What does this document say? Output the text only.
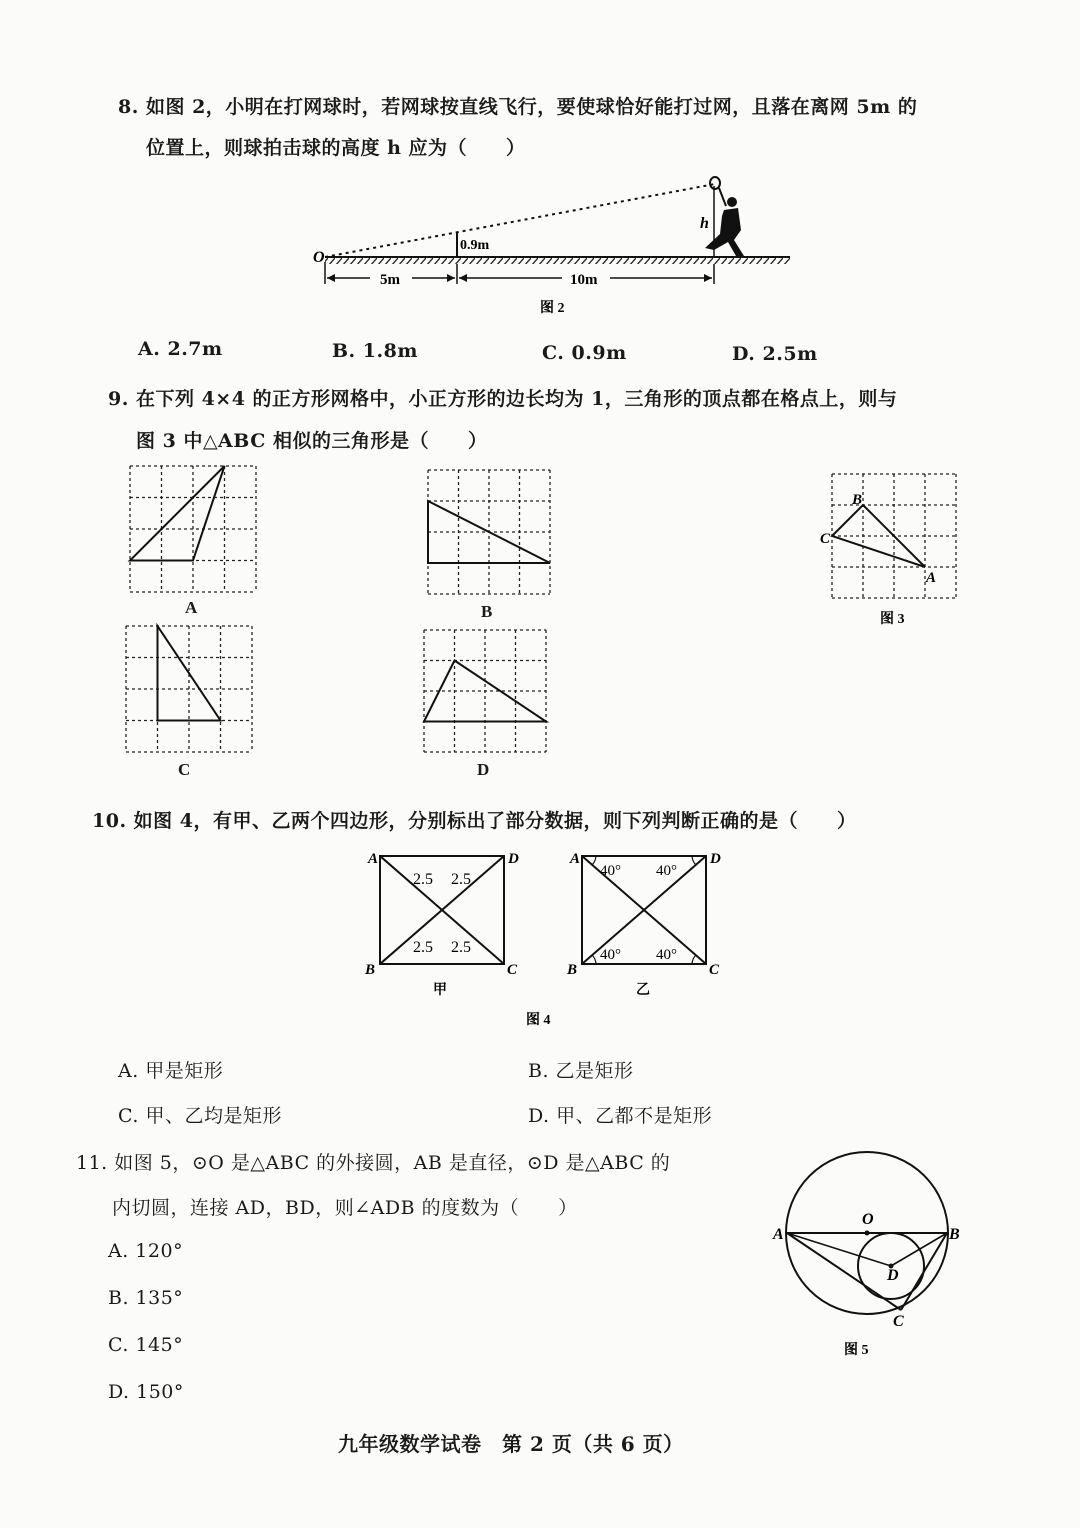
8. 如图 2，小明在打网球时，若网球按直线飞行，要使球恰好能打过网，且落在离网 5m 的
位置上，则球拍击球的高度 h 应为（　　）
O
h
0.9m
5m	10m
图 2
A. 2.7m	B. 1.8m	C. 0.9m	D. 2.5m
9. 在下列 4×4 的正方形网格中，小正方形的边长均为 1，三角形的顶点都在格点上，则与
图 3 中△ABC 相似的三角形是（　　）
A	B
C	D
B
C
A
图 3
10. 如图 4，有甲、乙两个四边形，分别标出了部分数据，则下列判断正确的是（　　）
A	D
B	C
2.5 2.5
2.5 2.5
甲
A	D
B	C
40° 40°
40° 40°
乙
图 4
A. 甲是矩形	B. 乙是矩形
C. 甲、乙均是矩形	D. 甲、乙都不是矩形
11. 如图 5，⊙O 是△ABC 的外接圆，AB 是直径，⊙D 是△ABC 的
内切圆，连接 AD，BD，则∠ADB 的度数为（　　）
A. 120°
B. 135°
C. 145°
D. 150°
A	B
O
D
C
图 5
九年级数学试卷　第 2 页（共 6 页）
